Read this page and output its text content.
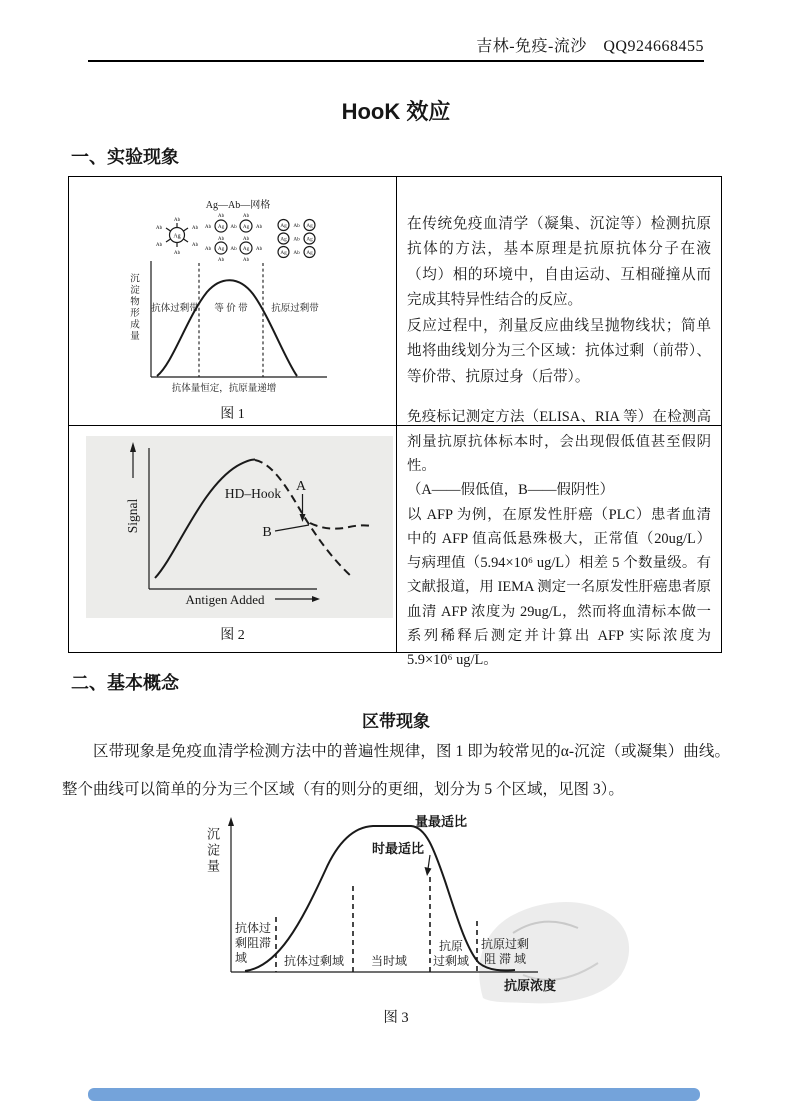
吉林-免疫-流沙　QQ924668455
HooK 效应
一、实验现象
Ag—Ab—网格
Ag
Ab
Ab
Ab	Ab
Ab	Ab
Ag	Ag
Ag	Ag
Ab
Ab
Ab	Ab
Ab	Ab
Ab	Ab
Ab	Ab
Ab	Ab
Ag	Ag
Ab
Ag	Ag
Ab
Ag	Ag
Ab
抗体过剩带 等 价 带 抗原过剩带
抗体量恒定，抗原量递增
沉淀物形成量
图 1

在传统免疫血清学（凝集、沉淀等）检测抗原抗体的方法，基本原理是抗原抗体分子在液（均）相的环境中，自由运动、互相碰撞从而完成其特异性结合的反应。

反应过程中，剂量反应曲线呈抛物线状；简单地将曲线划分为三个区域：抗体过剩（前带）、等价带、抗原过身（后带）。

HD–Hook A
B
Antigen Added
Signal
图 2

免疫标记测定方法（ELISA、RIA 等）在检测高剂量抗原抗体标本时，会出现假低值甚至假阴性。

（A——假低值，B——假阴性）

以 AFP 为例，在原发性肝癌（PLC）患者血清中的 AFP 值高低悬殊极大，正常值（20ug/L）与病理值（5.94×10⁶ ug/L）相差 5 个数量级。有文献报道，用 IEMA 测定一名原发性肝癌患者原血清 AFP 浓度为 29ug/L，然而将血清标本做一系列稀释后测定并计算出 AFP 实际浓度为 5.9×10⁶ ug/L。

二、基本概念
区带现象

区带现象是免疫血清学检测方法中的普遍性规律，图 1 即为较常见的α-沉淀（或凝集）曲线。整个曲线可以简单的分为三个区域（有的则分的更细，划分为 5 个区域，见图 3）。

量最适比
时最适比
抗体过
剩阻滞
域	抗体过剩域 当时域
抗原
过剩域
抗原过剩
阻 滞 域
抗原浓度
沉淀量
图 3
